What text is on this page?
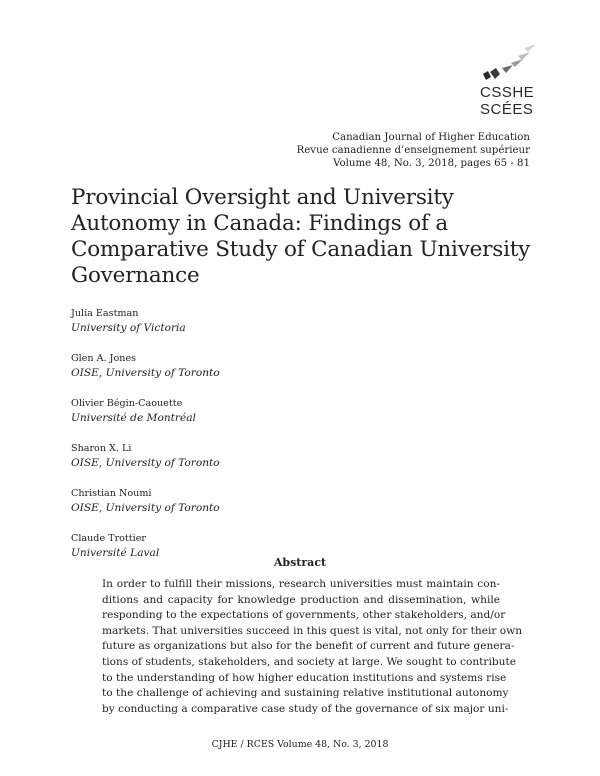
CSSHE
SCÉES
Canadian Journal of Higher Education
Revue canadienne d’enseignement supérieur
Volume 48, No. 3, 2018, pages 65 - 81
Provincial Oversight and University
Autonomy in Canada: Findings of a
Comparative Study of Canadian University
Governance
Julia Eastman
University of Victoria
Glen A. Jones
OISE, University of Toronto
Olivier Bégin-Caouette
Université de Montréal
Sharon X. Li
OISE, University of Toronto
Christian Noumi
OISE, University of Toronto
Claude Trottier
Université Laval
Abstract
In order to fulfill their missions, research universities must maintain con-
ditions and capacity for knowledge production and dissemination, while
responding to the expectations of governments, other stakeholders, and/or
markets. That universities succeed in this quest is vital, not only for their own
future as organizations but also for the benefit of current and future genera-
tions of students, stakeholders, and society at large. We sought to contribute
to the understanding of how higher education institutions and systems rise
to the challenge of achieving and sustaining relative institutional autonomy
by conducting a comparative case study of the governance of six major uni-
CJHE / RCES Volume 48, No. 3, 2018
